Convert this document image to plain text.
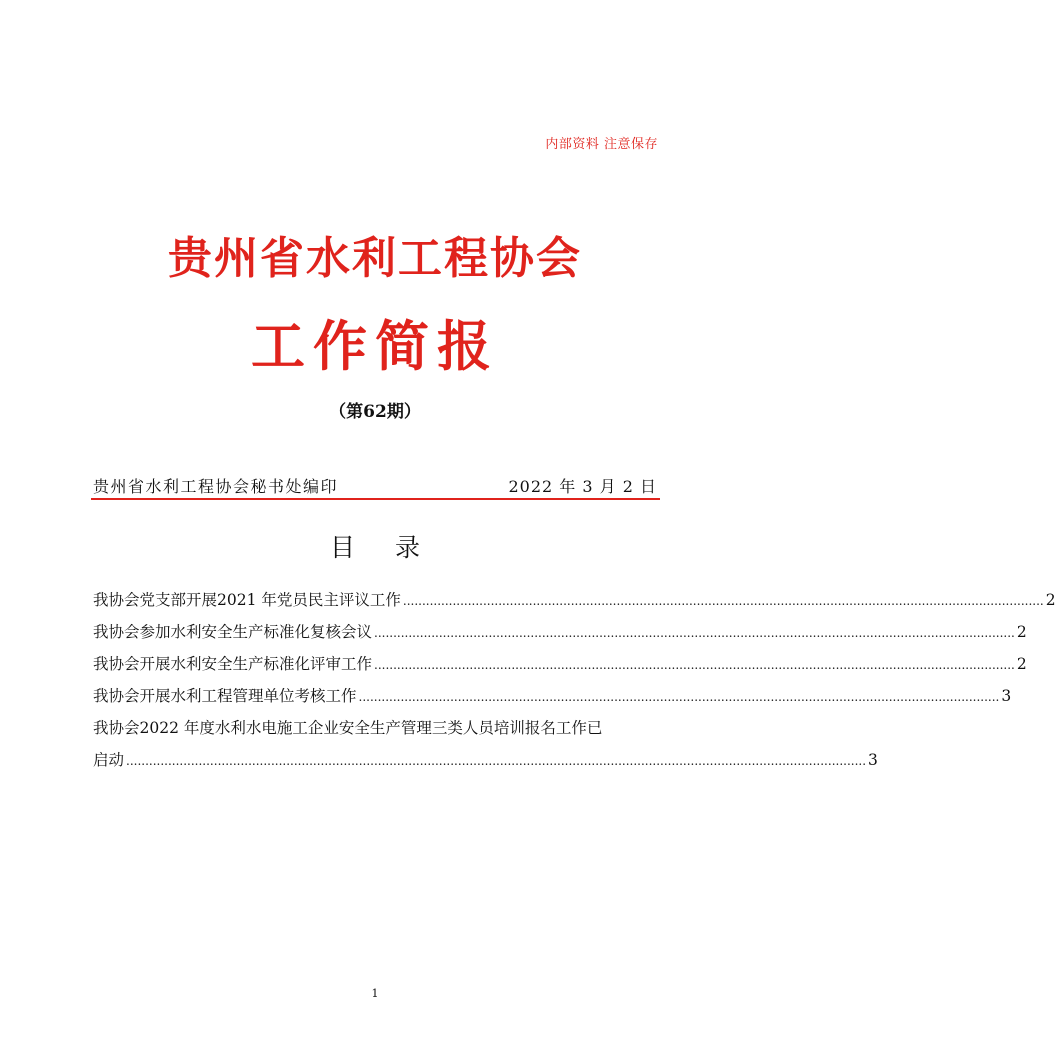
内部资料 注意保存
贵州省水利工程协会
工作简报
（第62期）
贵州省水利工程协会秘书处编印	2022 年 3 月 2 日
目录
我协会党支部开展2021 年党员民主评议工作 ........................................................................................................................................................................ 2
我协会参加水利安全生产标准化复核会议 ........................................................................................................................................................................ 2
我协会开展水利安全生产标准化评审工作 ........................................................................................................................................................................ 2
我协会开展水利工程管理单位考核工作 ........................................................................................................................................................................ 3
我协会2022 年度水利水电施工企业安全生产管理三类人员培训报名工作已
启动 .................................................................................................................................................................................................. 3
1
